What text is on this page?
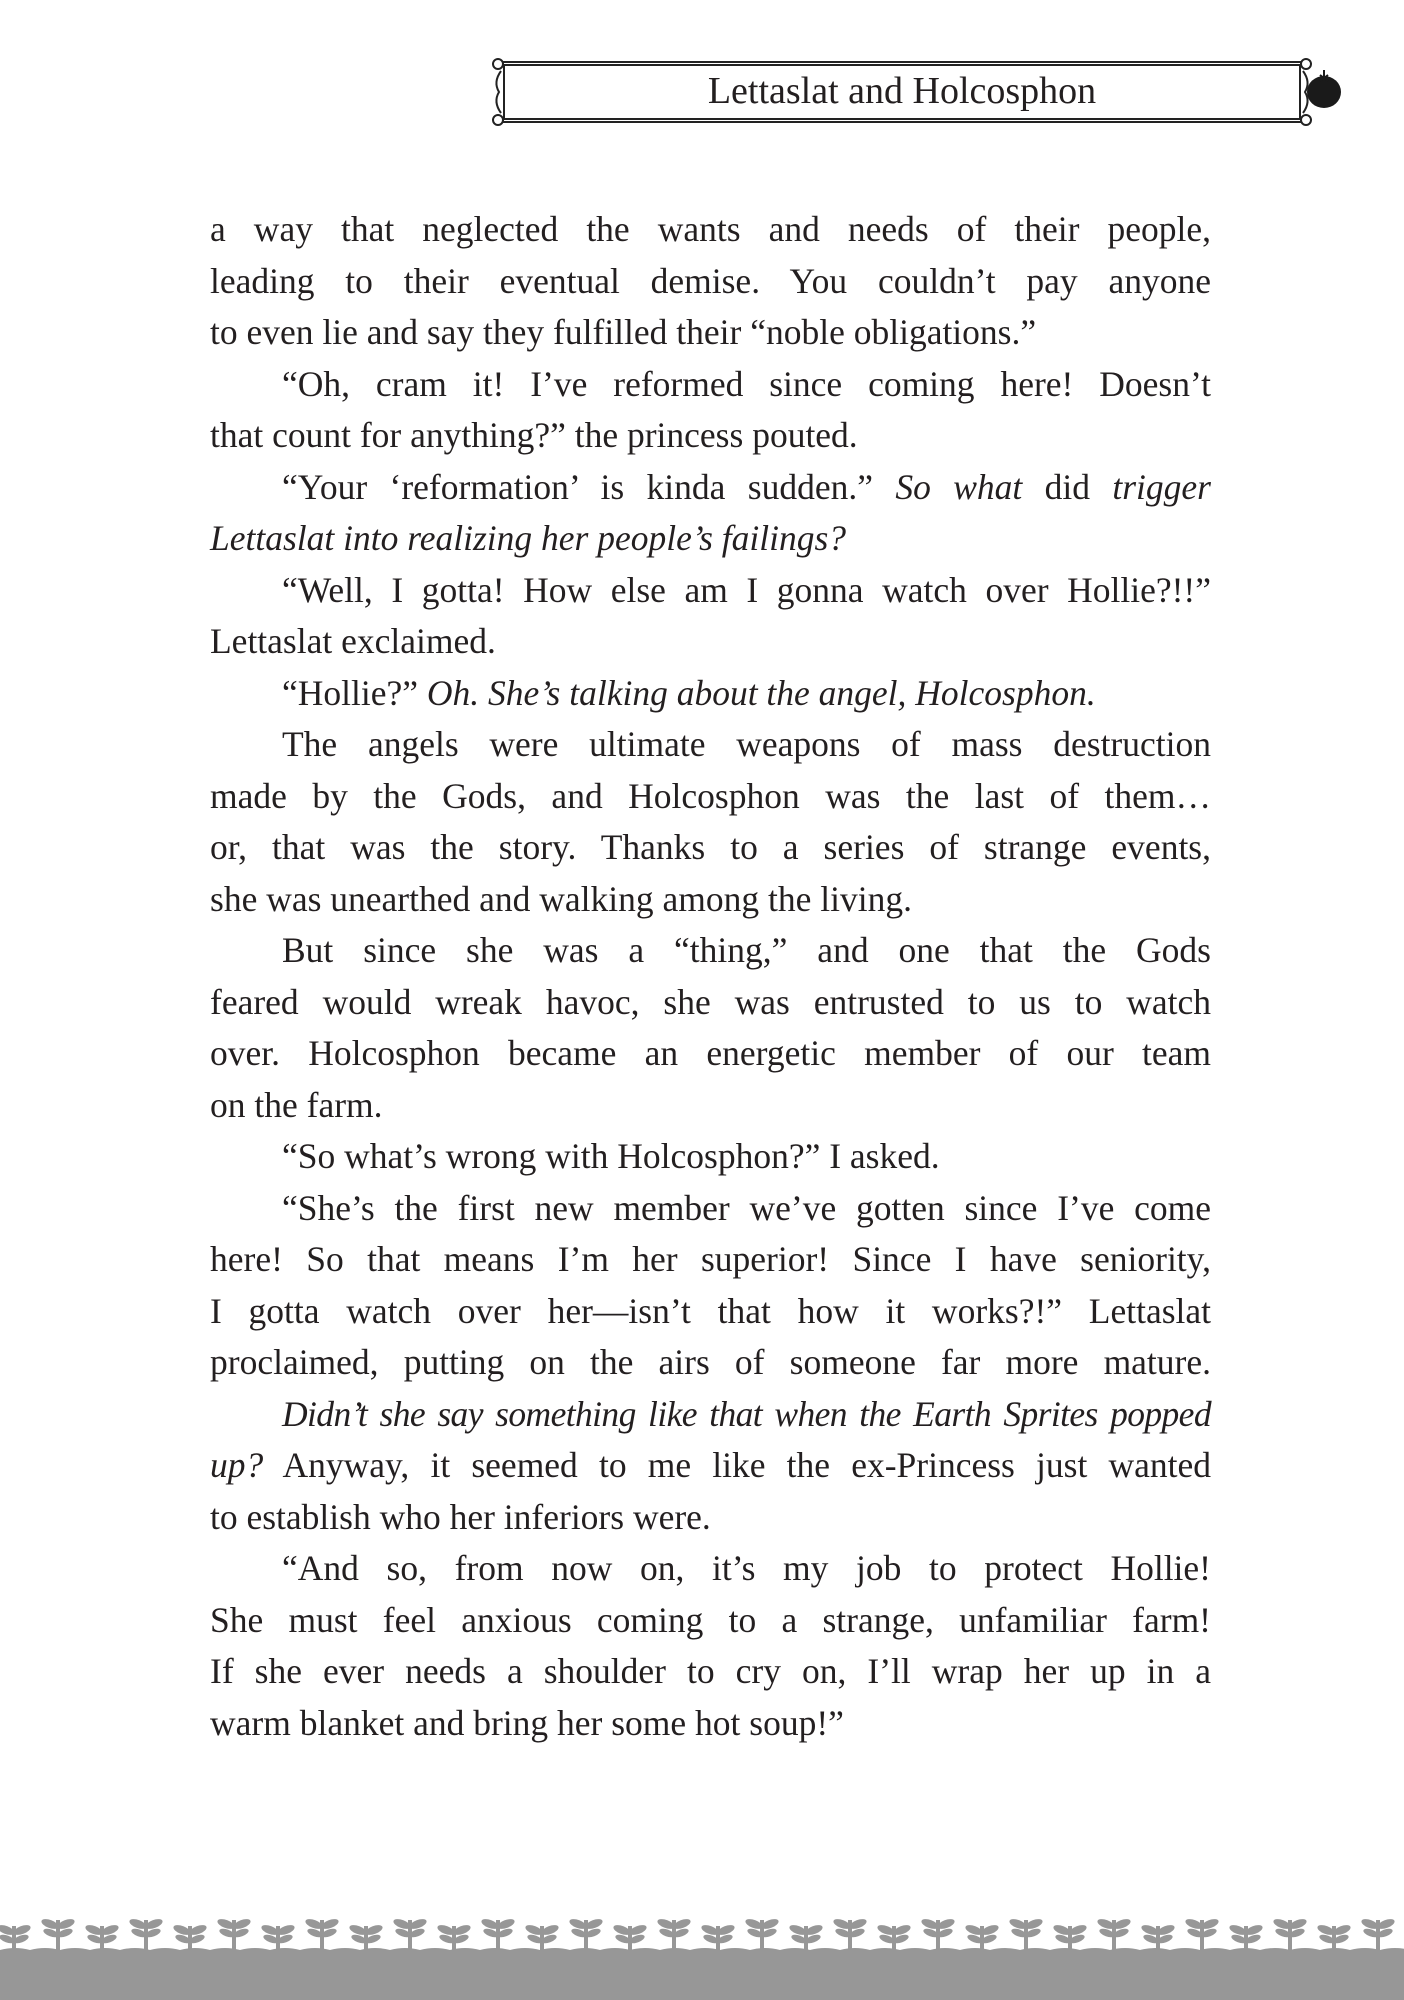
Lettaslat and Holcosphon
a way that neglected the wants and needs of their people,
leading to their eventual demise. You couldn’t pay anyone
to even lie and say they fulfilled their “noble obligations.”
“Oh, cram it! I’ve reformed since coming here! Doesn’t
that count for anything?” the princess pouted.
“Your ‘reformation’ is kinda sudden.” So what did trigger
Lettaslat into realizing her people’s failings?
“Well, I gotta! How else am I gonna watch over Hollie?!!”
Lettaslat exclaimed.
“Hollie?” Oh. She’s talking about the angel, Holcosphon.
The angels were ultimate weapons of mass destruction
made by the Gods, and Holcosphon was the last of them…
or, that was the story. Thanks to a series of strange events,
she was unearthed and walking among the living.
But since she was a “thing,” and one that the Gods
feared would wreak havoc, she was entrusted to us to watch
over. Holcosphon became an energetic member of our team
on the farm.
“So what’s wrong with Holcosphon?” I asked.
“She’s the first new member we’ve gotten since I’ve come
here! So that means I’m her superior! Since I have seniority,
I gotta watch over her—isn’t that how it works?!” Lettaslat
proclaimed, putting on the airs of someone far more mature.
Didn’t she say something like that when the Earth Sprites popped
up? Anyway, it seemed to me like the ex-Princess just wanted
to establish who her inferiors were.
“And so, from now on, it’s my job to protect Hollie!
She must feel anxious coming to a strange, unfamiliar farm!
If she ever needs a shoulder to cry on, I’ll wrap her up in a
warm blanket and bring her some hot soup!”
